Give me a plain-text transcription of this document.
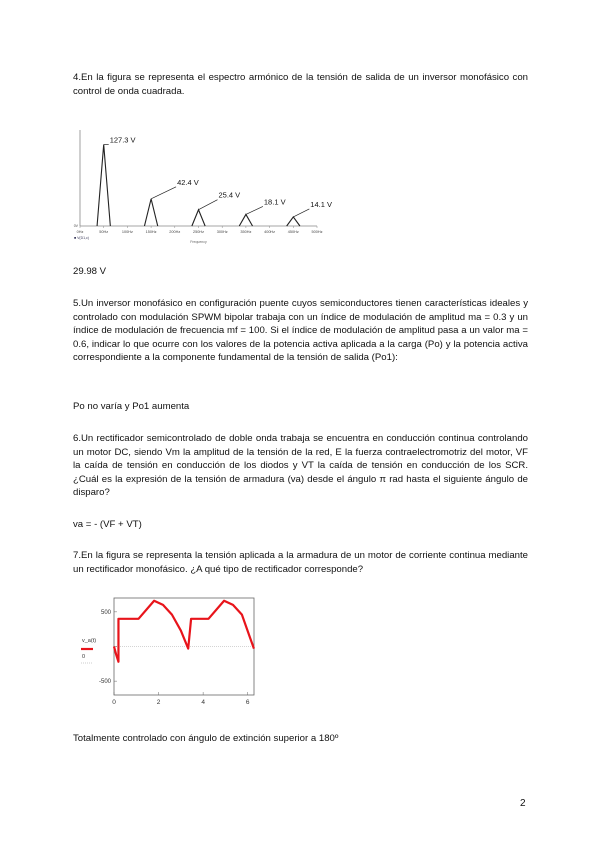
4.En la figura se representa el espectro armónico de la tensión de salida de un inversor monofásico con control de onda cuadrada.
0V
0Hz	50Hz	100Hz	150Hz	200Hz	250Hz	300Hz	350Hz	400Hz	450Hz	500Hz
■ V(D1,c)
Frequency
127.3 V
42.4 V
25.4 V
18.1 V	14.1 V
29.98 V
5.Un inversor monofásico en configuración puente cuyos semiconductores tienen características ideales y controlado con modulación SPWM bipolar trabaja con un índice de modulación de amplitud ma = 0.3 y un índice de modulación de frecuencia mf = 100. Si el índice de modulación de amplitud pasa a un valor ma = 0.6, indicar lo que ocurre con los valores de la potencia activa aplicada a la carga (Po) y la potencia activa correspondiente a la componente fundamental de la tensión de salida (Po1):
Po no varía y Po1 aumenta
6.Un rectificador semicontrolado de doble onda trabaja se encuentra en conducción continua controlando un motor DC, siendo Vm la amplitud de la tensión de la red, E la fuerza contraelectromotriz del motor, VF la caída de tensión en conducción de los diodos y VT la caída de tensión en conducción de los SCR. ¿Cuál es la expresión de la tensión de armadura (va) desde el ángulo π rad hasta el siguiente ángulo de disparo?
va = - (VF + VT)
7.En la figura se representa la tensión aplicada a la armadura de un motor de corriente continua mediante un rectificador monofásico. ¿A qué tipo de rectificador corresponde?
500
-500
0	2	4	6
v_a(t)
0
Totalmente controlado con ángulo de extinción superior a 180º
2
